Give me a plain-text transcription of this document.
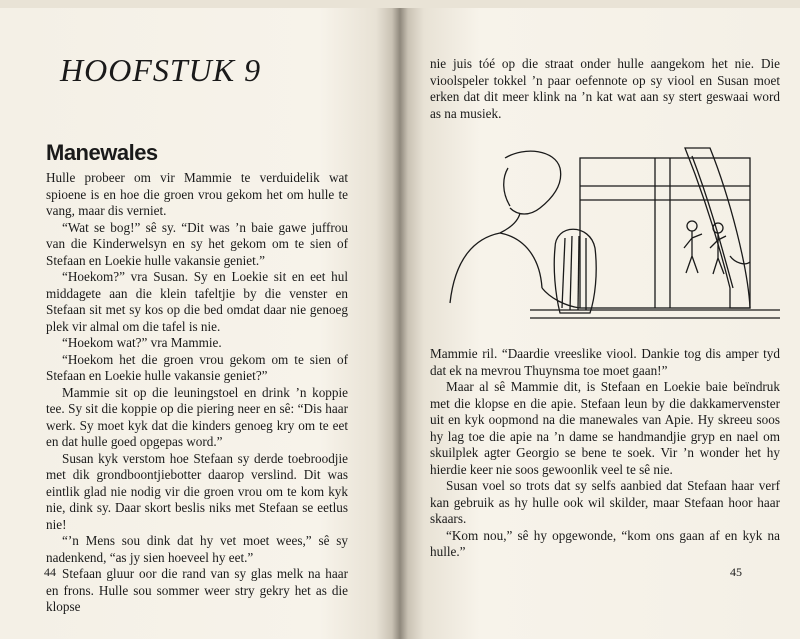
HOOFSTUK 9
Manewales

Hulle probeer om vir Mammie te verduidelik wat spioene is en hoe die groen vrou gekom het om hulle te vang, maar dis verniet.

“Wat se bog!” sê sy. “Dit was ’n baie gawe juffrou van die Kinderwelsyn en sy het gekom om te sien of Stefaan en Loekie hulle vakansie geniet.”

“Hoekom?” vra Susan. Sy en Loekie sit en eet hul middagete aan die klein tafeltjie by die venster en Stefaan sit met sy kos op die bed omdat daar nie genoeg plek vir almal om die tafel is nie.

“Hoekom wat?” vra Mammie.

“Hoekom het die groen vrou gekom om te sien of Stefaan en Loekie hulle vakansie geniet?”

Mammie sit op die leuningstoel en drink ’n koppie tee. Sy sit die koppie op die piering neer en sê: “Dis haar werk. Sy moet kyk dat die kinders genoeg kry om te eet en dat hulle goed opgepas word.”

Susan kyk verstom hoe Stefaan sy derde toebroodjie met dik grondboontjiebotter daarop verslind. Dit was eintlik glad nie nodig vir die groen vrou om te kom kyk nie, dink sy. Daar skort beslis niks met Stefaan se eetlus nie!

“’n Mens sou dink dat hy vet moet wees,” sê sy nadenkend, “as jy sien hoeveel hy eet.”

Stefaan gluur oor die rand van sy glas melk na haar en frons. Hulle sou sommer weer stry gekry het as die klopse

44

nie juis tóé op die straat onder hulle aangekom het nie. Die vioolspeler tokkel ’n paar oefennote op sy viool en Susan moet erken dat dit meer klink na ’n kat wat aan sy stert geswaai word as na musiek.

Mammie ril. “Daardie vreeslike viool. Dankie tog dis amper tyd dat ek na mevrou Thuynsma toe moet gaan!”

Maar al sê Mammie dit, is Stefaan en Loekie baie beïndruk met die klopse en die apie. Stefaan leun by die dakkamervenster uit en kyk oopmond na die manewales van Apie. Hy skreeu soos hy lag toe die apie na ’n dame se handmandjie gryp en nael om skuilplek agter Georgio se bene te soek. Vir ’n wonder het hy hierdie keer nie soos gewoonlik veel te sê nie.

Susan voel so trots dat sy selfs aanbied dat Stefaan haar verf kan gebruik as hy hulle ook wil skilder, maar Stefaan hoor haar skaars.

“Kom nou,” sê hy opgewonde, “kom ons gaan af en kyk na hulle.”

45
